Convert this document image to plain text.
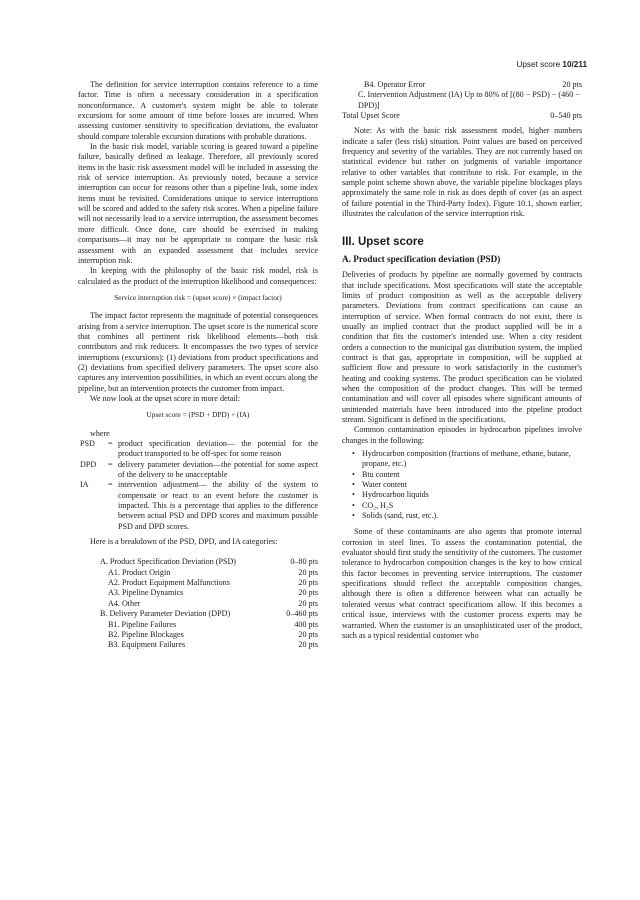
Upset score 10/211

The definition for service interruption contains reference to a time factor. Time is often a necessary consideration in a specification nonconformance. A customer's system might be able to tolerate excursions for some amount of time before losses are incurred. When assessing customer sensitivity to specification deviations, the evaluator should compare tolerable excursion durations with probable durations.

In the basic risk model, variable scoring is geared toward a pipeline failure, basically defined as leakage. Therefore, all previously scored items in the basic risk assessment model will be included in assessing the risk of service interruption. As previously noted, because a service interruption can occur for reasons other than a pipeline leak, some index items must be revisited. Considerations unique to service interruptions will be scored and added to the safety risk scores. When a pipeline failure will not necessarily lead to a service interruption, the assessment becomes more difficult. Once done, care should be exercised in making comparisons—it may not be appropriate to compare the basic risk assessment with an expanded assessment that includes service interruption risk.

In keeping with the philosophy of the basic risk model, risk is calculated as the product of the interruption likelihood and consequences:

Service interruption risk = (upset score) × (impact factor)

The impact factor represents the magnitude of potential consequences arising from a service interruption. The upset score is the numerical score that combines all pertinent risk likelihood elements—both risk contributors and risk reducers. It encompasses the two types of service interruptions (excursions): (1) deviations from product specifications and (2) deviations from specified delivery parameters. The upset score also captures any intervention possibilities, in which an event occurs along the pipeline, but an intervention protects the customer from impact.

We now look at the upset score in more detail:

Upset score = (PSD + DPD) + (IA)

where

PSD	= product specification deviation— the potential for the product transported to be off-spec for some reason
DPD	= delivery parameter deviation—the potential for some aspect of the delivery to be unacceptable
IA	= intervention adjustment— the ability of the system to compensate or react to an event before the customer is impacted. This is a percentage that applies to the difference between actual PSD and DPD scores and maximum possible PSD and DPD scores.

Here is a breakdown of the PSD, DPD, and IA categories:

A. Product Specification Deviation (PSD)	0–80 pts
A1. Product Origin	20 pts
A2. Product Equipment Malfunctions	20 pts
A3. Pipeline Dynamics	20 pts
A4. Other	20 pts
B. Delivery Parameter Deviation (DPD)	0–460 pts
B1. Pipeline Failures	400 pts
B2. Pipeline Blockages	20 pts
B3. Equipment Failures	20 pts
B4. Operator Error	20 pts
C. Intervention Adjustment (IA) Up to 80% of [(80 − PSD) − (460 − DPD)]
Total Upset Score	0–540 pts

Note: As with the basic risk assessment model, higher numbers indicate a safer (less risk) situation. Point values are based on perceived frequency and severity of the variables. They are not currently based on statistical evidence but rather on judgments of variable importance relative to other variables that contribute to risk. For example, in the sample point scheme shown above, the variable pipeline blockages plays approximately the same role in risk as does depth of cover (as an aspect of failure potential in the Third-Party Index). Figure 10.1, shown earlier, illustrates the calculation of the service interruption risk.

III. Upset score
A. Product specification deviation (PSD)

Deliveries of products by pipeline are normally governed by contracts that include specifications. Most specifications will state the acceptable limits of product composition as well as the acceptable delivery parameters. Deviations from contract specifications can cause an interruption of service. When formal contracts do not exist, there is usually an implied contract that the product supplied will be in a condition that fits the customer's intended use. When a city resident orders a connection to the municipal gas distribution system, the implied contract is that gas, appropriate in composition, will be supplied at sufficient flow and pressure to work satisfactorily in the customer's heating and cooking systems. The product specification can be violated when the composition of the product changes. This will be termed contamination and will cover all episodes where significant amounts of unintended materials have been introduced into the pipeline product stream. Significant is defined in the specifications.

Common contamination episodes in hydrocarbon pipelines involve changes in the following:

• Hydrocarbon composition (fractions of methane, ethane, butane, propane, etc.)
• Btu content
• Water content
• Hydrocarbon liquids
• CO₂, H₂S
• Solids (sand, rust, etc.).

Some of these contaminants are also agents that promote internal corrosion in steel lines. To assess the contamination potential, the evaluator should first study the sensitivity of the customers. The customer tolerance to hydrocarbon composition changes is the key to how critical this factor becomes in preventing service interruptions. The customer specifications should reflect the acceptable composition changes, although there is often a difference between what can actually be tolerated versus what contract specifications allow. If this becomes a critical issue, interviews with the customer process experts may be warranted. When the customer is an unsophisticated user of the product, such as a typical residential customer who
